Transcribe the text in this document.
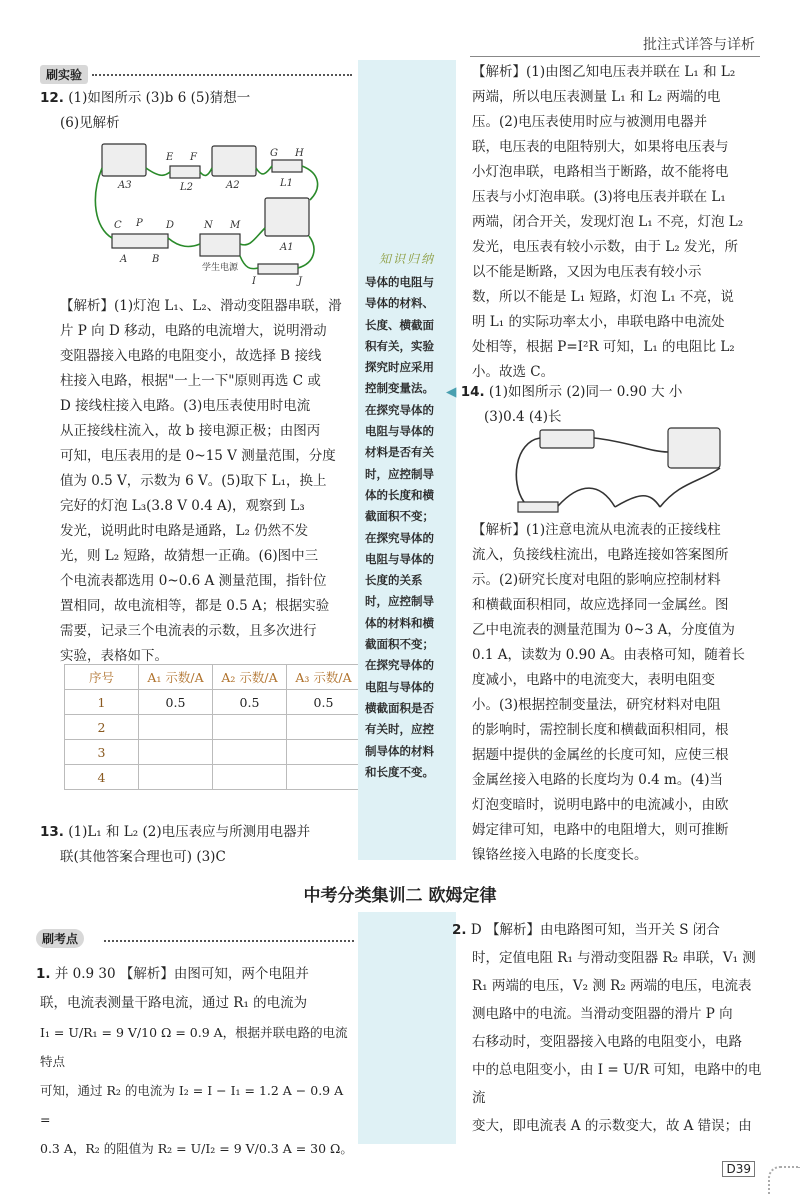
批注式详答与详析
刷实验
12. (1)如图所示 (3)b 6 (5)猜想一
(6)见解析
A3	L2	A2	L1
E F	G H
C P D	N M
A B
学生电源
A1
I	J
【解析】(1)灯泡 L₁、L₂、滑动变阻器串联，滑
片 P 向 D 移动，电路的电流增大，说明滑动
变阻器接入电路的电阻变小，故选择 B 接线
柱接入电路，根据"一上一下"原则再选 C 或
D 接线柱接入电路。(3)电压表使用时电流
从正接线柱流入，故 b 接电源正极；由图丙
可知，电压表用的是 0~15 V 测量范围，分度
值为 0.5 V，示数为 6 V。(5)取下 L₁，换上
完好的灯泡 L₃(3.8 V 0.4 A)，观察到 L₃
发光，说明此时电路是通路，L₂ 仍然不发
光，则 L₂ 短路，故猜想一正确。(6)图中三
个电流表都选用 0~0.6 A 测量范围，指针位
置相同，故电流相等，都是 0.5 A；根据实验
需要，记录三个电流表的示数，且多次进行
实验，表格如下。
序号	A₁ 示数/A	A₂ 示数/A	A₃ 示数/A
1	0.5	0.5	0.5
2			
3			
4			
13. (1)L₁ 和 L₂ (2)电压表应与所测用电器并
联(其他答案合理也可) (3)C
知识归纳
导体的电阻与
导体的材料、
长度、横截面
积有关，实验
探究时应采用
控制变量法。
在探究导体的
电阻与导体的
材料是否有关
时，应控制导
体的长度和横
截面积不变；
在探究导体的
电阻与导体的
长度的关系
时，应控制导
体的材料和横
截面积不变；
在探究导体的
电阻与导体的
横截面积是否
有关时，应控
制导体的材料
和长度不变。
【解析】(1)由图乙知电压表并联在 L₁ 和 L₂
两端，所以电压表测量 L₁ 和 L₂ 两端的电
压。(2)电压表使用时应与被测用电器并
联，电压表的电阻特别大，如果将电压表与
小灯泡串联，电路相当于断路，故不能将电
压表与小灯泡串联。(3)将电压表并联在 L₁
两端，闭合开关，发现灯泡 L₁ 不亮，灯泡 L₂
发光，电压表有较小示数，由于 L₂ 发光，所
以不能是断路，又因为电压表有较小示
数，所以不能是 L₁ 短路，灯泡 L₁ 不亮，说
明 L₁ 的实际功率太小，串联电路中电流处
处相等，根据 P=I²R 可知，L₁ 的电阻比 L₂
小。故选 C。
◀ 14. (1)如图所示 (2)同一 0.90 大 小
(3)0.4 (4)长
【解析】(1)注意电流从电流表的正接线柱
流入，负接线柱流出，电路连接如答案图所
示。(2)研究长度对电阻的影响应控制材料
和横截面积相同，故应选择同一金属丝。图
乙中电流表的测量范围为 0~3 A，分度值为
0.1 A，读数为 0.90 A。由表格可知，随着长
度减小，电路中的电流变大，表明电阻变
小。(3)根据控制变量法，研究材料对电阻
的影响时，需控制长度和横截面积相同，根
据题中提供的金属丝的长度可知，应使三根
金属丝接入电路的长度均为 0.4 m。(4)当
灯泡变暗时，说明电路中的电流减小，由欧
姆定律可知，电路中的电阻增大，则可推断
镍铬丝接入电路的长度变长。
中考分类集训二 欧姆定律
刷考点
1. 并 0.9 30 【解析】由图可知，两个电阻并
联，电流表测量干路电流，通过 R₁ 的电流为
I₁ = U/R₁ = 9 V/10 Ω = 0.9 A，根据并联电路的电流特点
可知，通过 R₂ 的电流为 I₂ = I − I₁ = 1.2 A − 0.9 A =
0.3 A，R₂ 的阻值为 R₂ = U/I₂ = 9 V/0.3 A = 30 Ω。
2. D 【解析】由电路图可知，当开关 S 闭合
时，定值电阻 R₁ 与滑动变阻器 R₂ 串联，V₁ 测
R₁ 两端的电压，V₂ 测 R₂ 两端的电压，电流表
测电路中的电流。当滑动变阻器的滑片 P 向
右移动时，变阻器接入电路的电阻变小，电路
中的总电阻变小，由 I = U/R 可知，电路中的电流
变大，即电流表 A 的示数变大，故 A 错误；由
D39
